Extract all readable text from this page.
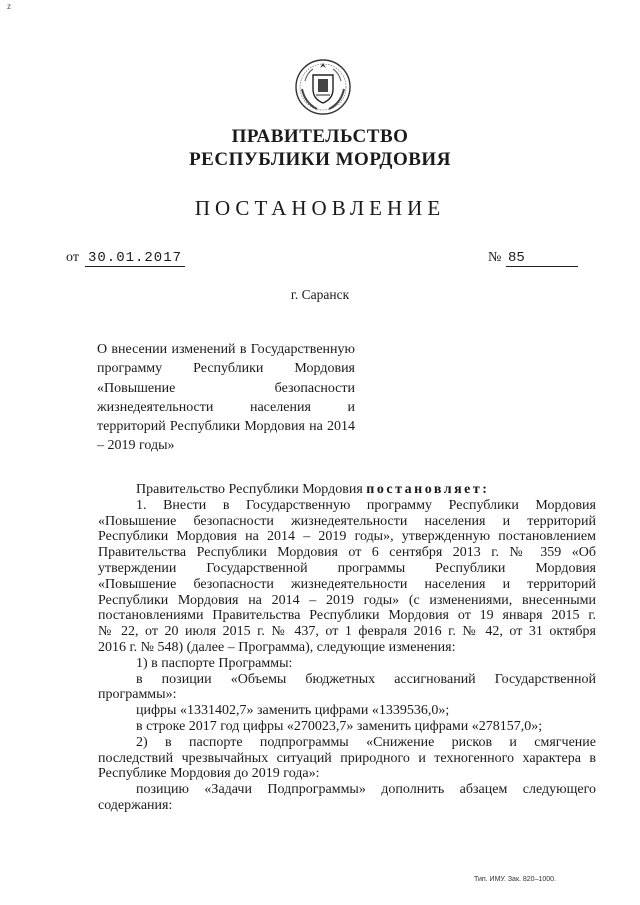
z
ПРАВИТЕЛЬСТВО
РЕСПУБЛИКИ МОРДОВИЯ
ПОСТАНОВЛЕНИЕ
от 30.01.2017	№ 85
г. Саранск
О внесении изменений в Государственную программу Республики Мордовия «Повышение безопасности жизнедеятельности населения и территорий Республики Мордовия на 2014 – 2019 годы»

Правительство Республики Мордовия постановляет:

1. Внести в Государственную программу Республики Мордовия

«Повышение безопасности жизнедеятельности населения и территорий

Республики Мордовия на 2014 – 2019 годы», утвержденную постановлением

Правительства Республики Мордовия от 6 сентября 2013 г. № 359 «Об

утверждении Государственной программы Республики Мордовия

«Повышение безопасности жизнедеятельности населения и территорий

Республики Мордовия на 2014 – 2019 годы» (с изменениями, внесенными

постановлениями Правительства Республики Мордовия от 19 января 2015 г.

№ 22, от 20 июля 2015 г. № 437, от 1 февраля 2016 г. № 42, от 31 октября

2016 г. № 548) (далее – Программа), следующие изменения:

1) в паспорте Программы:

в позиции «Объемы бюджетных ассигнований Государственной

программы»:

цифры «1331402,7» заменить цифрами «1339536,0»;

в строке 2017 год цифры «270023,7» заменить цифрами «278157,0»;

2) в паспорте подпрограммы «Снижение рисков и смягчение

последствий чрезвычайных ситуаций природного и техногенного характера в

Республике Мордовия до 2019 года»:

позицию «Задачи Подпрограммы» дополнить абзацем следующего

содержания:

Тип. ИМУ. Зак. 820–1000.
